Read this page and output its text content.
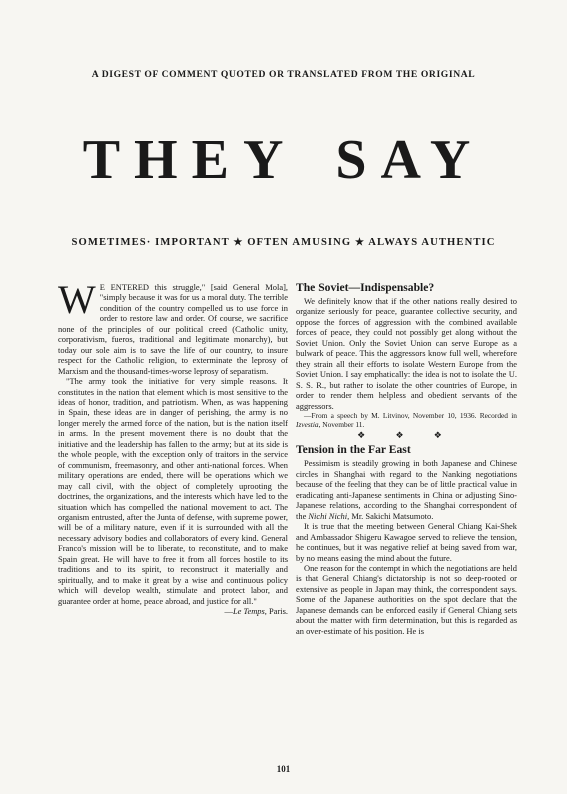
A DIGEST OF COMMENT QUOTED OR TRANSLATED FROM THE ORIGINAL
THEY SAY
SOMETIMES· IMPORTANT ★ OFTEN AMUSING ★ ALWAYS AUTHENTIC

W E ENTERED this struggle," [said General Mola], "simply because it was for us a moral duty. The terrible condition of the country compelled us to use force in order to restore law and order. Of course, we sacrifice none of the principles of our political creed (Catholic unity, corporativism, fueros, traditional and legitimate monarchy), but today our sole aim is to save the life of our country, to insure respect for the Catholic religion, to exterminate the leprosy of Marxism and the thousand-times-worse leprosy of separatism.

"The army took the initiative for very simple reasons. It constitutes in the nation that element which is most sensitive to the ideas of honor, tradition, and patriotism. When, as was happening in Spain, these ideas are in danger of perishing, the army is no longer merely the armed force of the nation, but is the nation itself in arms. In the present movement there is no doubt that the initiative and the leadership has fallen to the army; but at its side is the whole people, with the exception only of traitors in the service of communism, freemasonry, and other anti-national forces. When military operations are ended, there will be operations which we may call civil, with the object of completely uprooting the doctrines, the organizations, and the interests which have led to the situation which has compelled the national movement to act. The organism entrusted, after the Junta of defense, with supreme power, will be of a military nature, even if it is surrounded with all the necessary advisory bodies and collaborators of every kind. General Franco's mission will be to liberate, to reconstitute, and to make Spain great. He will have to free it from all forces hostile to its traditions and to its spirit, to reconstruct it materially and spiritually, and to make it great by a wise and continuous policy which will develop wealth, stimulate and protect labor, and guarantee order at home, peace abroad, and justice for all."

—Le Temps, Paris.

The Soviet—Indispensable?

We definitely know that if the other nations really desired to organize seriously for peace, guarantee collective security, and oppose the forces of aggression with the combined available forces of peace, they could not possibly get along without the Soviet Union. Only the Soviet Union can serve Europe as a bulwark of peace. This the aggressors know full well, wherefore they strain all their efforts to isolate Western Europe from the Soviet Union. I say emphatically: the idea is not to isolate the U. S. S. R., but rather to isolate the other countries of Europe, in order to render them helpless and obedient servants of the aggressors.

—From a speech by M. Litvinov, November 10, 1936. Recorded in Izvestia, November 11.

❖ ❖ ❖
Tension in the Far East

Pessimism is steadily growing in both Japanese and Chinese circles in Shanghai with regard to the Nanking negotiations because of the feeling that they can be of little practical value in eradicating anti-Japanese sentiments in China or adjusting Sino-Japanese relations, according to the Shanghai correspondent of the Nichi Nichi, Mr. Sakichi Matsumoto.

It is true that the meeting between General Chiang Kai-Shek and Ambassador Shigeru Kawagoe served to relieve the tension, he continues, but it was negative relief at being saved from war, by no means easing the mind about the future.

One reason for the contempt in which the negotiations are held is that General Chiang's dictatorship is not so deep-rooted or extensive as people in Japan may think, the correspondent says. Some of the Japanese authorities on the spot declare that the Japanese demands can be enforced easily if General Chiang sets about the matter with firm determination, but this is regarded as an over-estimate of his position. He is

101
